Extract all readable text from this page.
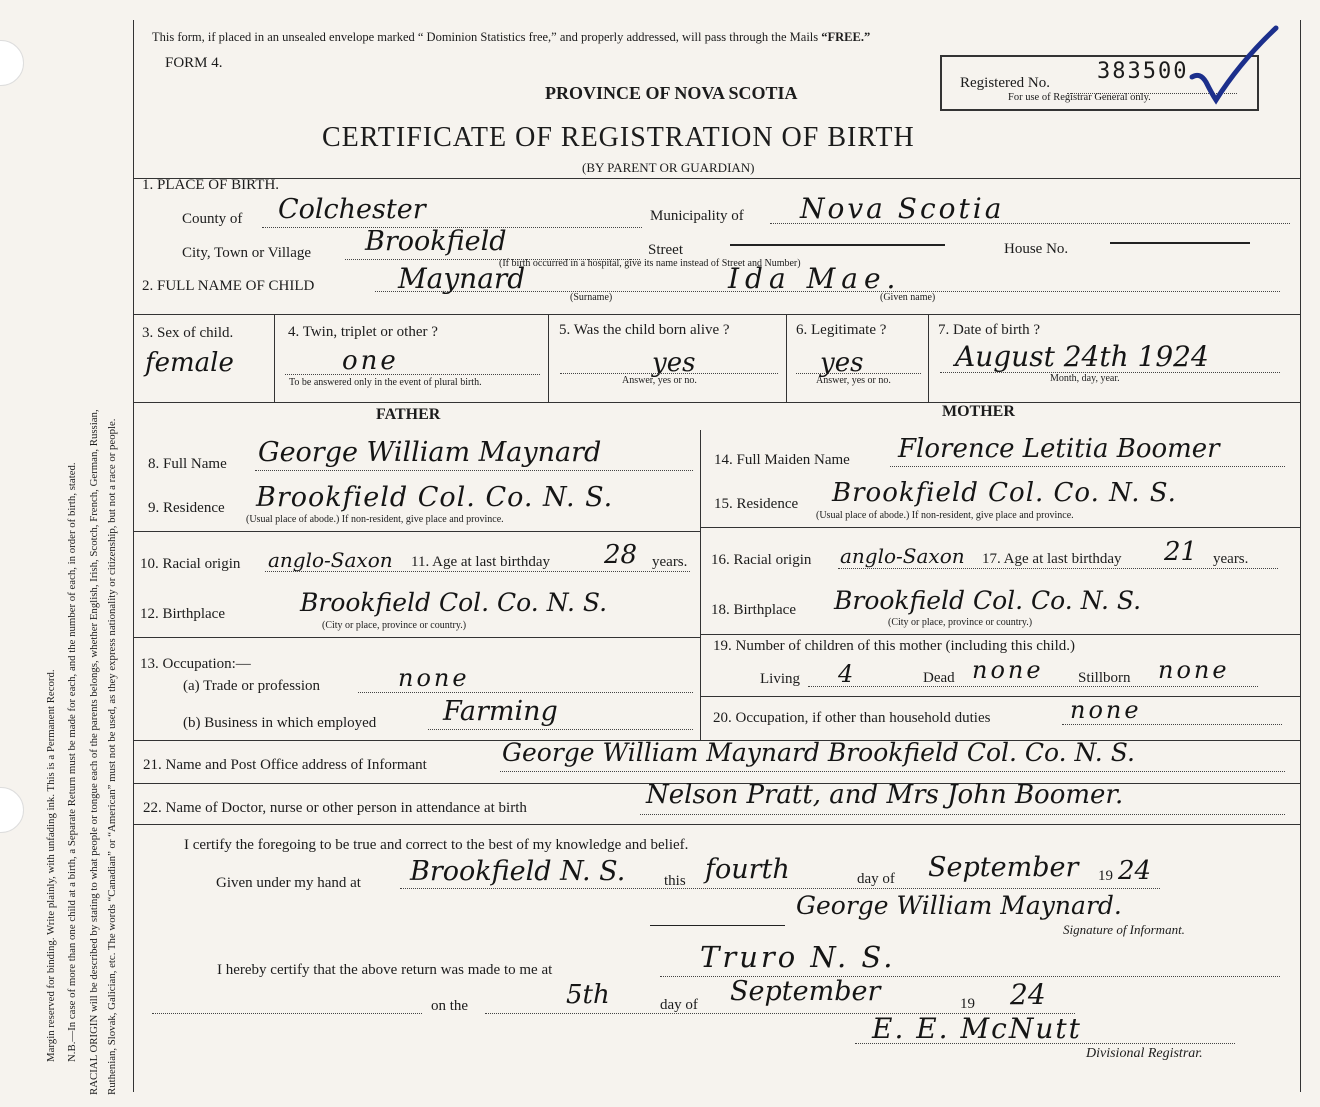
Margin reserved for binding. Write plainly, with unfading ink. This is a Permanent Record. N.B.—In case of more than one child at a birth, a Separate Return must be made for each, and the number of each, in order of birth, stated. RACIAL ORIGIN will be described by stating to what people or tongue each of the parents belongs, whether English, Irish, Scotch, French, German, Russian, Ruthenian, Slovak, Galician, etc. The words “Canadian” or “American” must not be used, as they express nationality or citizenship, but not a race or people.
This form, if placed in an unsealed envelope marked “ Dominion Statistics free,” and properly addressed, will pass through the Mails “FREE.”
FORM 4.
Registered No. 383500
For use of Registrar General only.
PROVINCE OF NOVA SCOTIA
CERTIFICATE OF REGISTRATION OF BIRTH
(BY PARENT OR GUARDIAN)
1. PLACE OF BIRTH.
County of Colchester	Municipality of Nova Scotia
City, Town or Village Brookfield	Street	House No.
(If birth occurred in a hospital, give its name instead of Street and Number)
2. FULL NAME OF CHILD	Maynard
(Surname)
Ida Mae.
(Given name)
3. Sex of child.
female
4. Twin, triplet or other ?
one
To be answered only in the event of plural birth.
5. Was the child born alive ?
yes
Answer, yes or no.
6. Legitimate ?
yes
Answer, yes or no.
7. Date of birth ?
August 24th 1924
Month, day, year.
FATHER	MOTHER
8. Full Name George William Maynard
9. Residence Brookfield Col. Co. N. S.
(Usual place of abode.) If non-resident, give place and province.
10. Racial origin anglo-Saxon 11. Age at last birthday 28 years.
12. Birthplace	Brookfield Col. Co. N. S.
(City or place, province or country.)
13. Occupation:—
(a) Trade or profession	none
(b) Business in which employed Farming
14. Full Maiden Name Florence Letitia Boomer
15. Residence Brookfield Col. Co. N. S.
(Usual place of abode.) If non-resident, give place and province.
16. Racial origin anglo-Saxon 17. Age at last birthday 21 years.
18. Birthplace Brookfield Col. Co. N. S.
(City or place, province or country.)
19. Number of children of this mother (including this child.)
Living 4	Dead none Stillborn none
20. Occupation, if other than household duties	none
21. Name and Post Office address of Informant	George William Maynard Brookfield Col. Co. N. S.
22. Name of Doctor, nurse or other person in attendance at birth	Nelson Pratt, and Mrs John Boomer.
I certify the foregoing to be true and correct to the best of my knowledge and belief.
Given under my hand at Brookfield N. S.	this fourth	day of September 19 24
George William Maynard.
Signature of Informant.
I hereby certify that the above return was made to me at	Truro N. S.
on the	5th	day of September	19 24
E. E. McNutt
Divisional Registrar.
